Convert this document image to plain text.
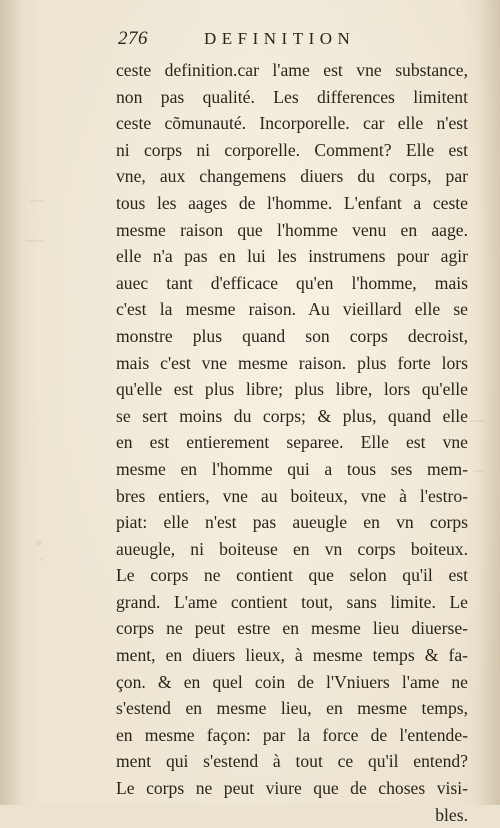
276	DEFINITION
ceste definition.car l'ame est vne substance,
non pas qualité. Les differences limitent
ceste cõmunauté. Incorporelle. car elle n'est
ni corps ni corporelle. Comment? Elle est
vne, aux changemens diuers du corps, par
tous les aages de l'homme. L'enfant a ceste
mesme raison que l'homme venu en aage.
elle n'a pas en lui les instrumens pour agir
auec tant d'efficace qu'en l'homme, mais
c'est la mesme raison. Au vieillard elle se
monstre plus quand son corps decroist,
mais c'est vne mesme raison. plus forte lors
qu'elle est plus libre; plus libre, lors qu'elle
se sert moins du corps; & plus, quand elle
en est entierement separee. Elle est vne
mesme en l'homme qui a tous ses mem-
bres entiers, vne au boiteux, vne à l'estro-
piat: elle n'est pas aueugle en vn corps
aueugle, ni boiteuse en vn corps boiteux.
Le corps ne contient que selon qu'il est
grand. L'ame contient tout, sans limite. Le
corps ne peut estre en mesme lieu diuerse-
ment, en diuers lieux, à mesme temps & fa-
çon. & en quel coin de l'Vniuers l'ame ne
s'estend en mesme lieu, en mesme temps,
en mesme façon: par la force de l'entende-
ment qui s'estend à tout ce qu'il entend?
Le corps ne peut viure que de choses visi-
bles.
